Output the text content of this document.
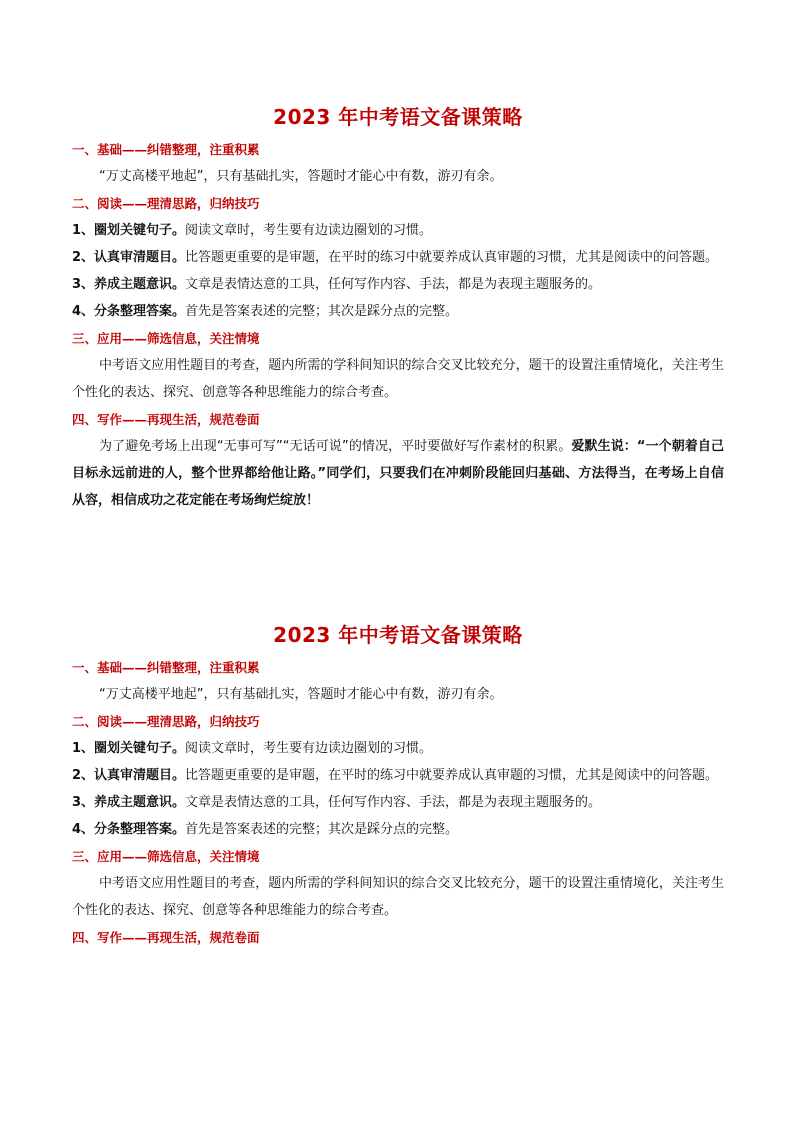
2023 年中考语文备课策略
一、基础——纠错整理，注重积累
“万丈高楼平地起”，只有基础扎实，答题时才能心中有数，游刃有余。
二、阅读——理清思路，归纳技巧
1、圈划关键句子。阅读文章时，考生要有边读边圈划的习惯。
2、认真审清题目。比答题更重要的是审题，在平时的练习中就要养成认真审题的习惯，尤其是阅读中的问答题。
3、养成主题意识。文章是表情达意的工具，任何写作内容、手法，都是为表现主题服务的。
4、分条整理答案。首先是答案表述的完整；其次是踩分点的完整。
三、应用——筛选信息，关注情境
中考语文应用性题目的考查，题内所需的学科间知识的综合交叉比较充分，题干的设置注重情境化，关注考生个性化的表达、探究、创意等各种思维能力的综合考查。
四、写作——再现生活，规范卷面
为了避免考场上出现“无事可写”“无话可说”的情况，平时要做好写作素材的积累。爱默生说：“一个朝着自己目标永远前进的人，整个世界都给他让路。”同学们，只要我们在冲刺阶段能回归基础、方法得当，在考场上自信从容，相信成功之花定能在考场绚烂绽放！
2023 年中考语文备课策略
一、基础——纠错整理，注重积累
“万丈高楼平地起”，只有基础扎实，答题时才能心中有数，游刃有余。
二、阅读——理清思路，归纳技巧
1、圈划关键句子。阅读文章时，考生要有边读边圈划的习惯。
2、认真审清题目。比答题更重要的是审题，在平时的练习中就要养成认真审题的习惯，尤其是阅读中的问答题。
3、养成主题意识。文章是表情达意的工具，任何写作内容、手法，都是为表现主题服务的。
4、分条整理答案。首先是答案表述的完整；其次是踩分点的完整。
三、应用——筛选信息，关注情境
中考语文应用性题目的考查，题内所需的学科间知识的综合交叉比较充分，题干的设置注重情境化，关注考生个性化的表达、探究、创意等各种思维能力的综合考查。
四、写作——再现生活，规范卷面
